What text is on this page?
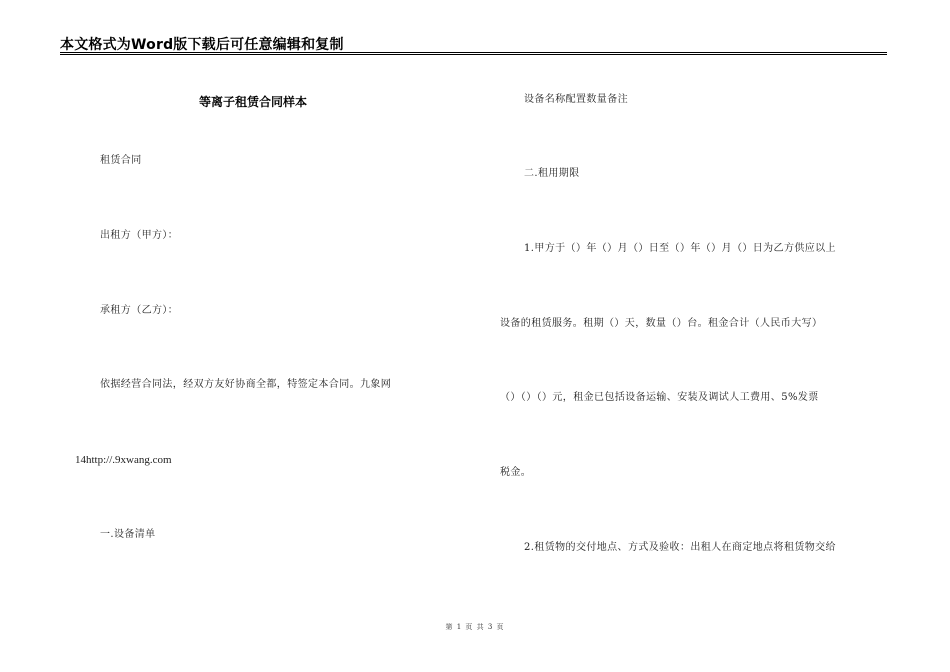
本文格式为Word版下载后可任意编辑和复制
等离子租赁合同样本
租赁合同
出租方（甲方）：
承租方（乙方）：
依据经营合同法，经双方友好协商全都，特签定本合同。九象网
14http://.9xwang.com
一.设备清单
设备名称配置数量备注
二.租用期限
1.甲方于（）年（）月（）日至（）年（）月（）日为乙方供应以上
设备的租赁服务。租期（）天，数量（）台。租金合计（人民币大写）
（）（）（）元，租金已包括设备运输、安装及调试人工费用、5%发票
税金。
2.租赁物的交付地点、方式及验收：出租人在商定地点将租赁物交给
第 1 页 共 3 页
